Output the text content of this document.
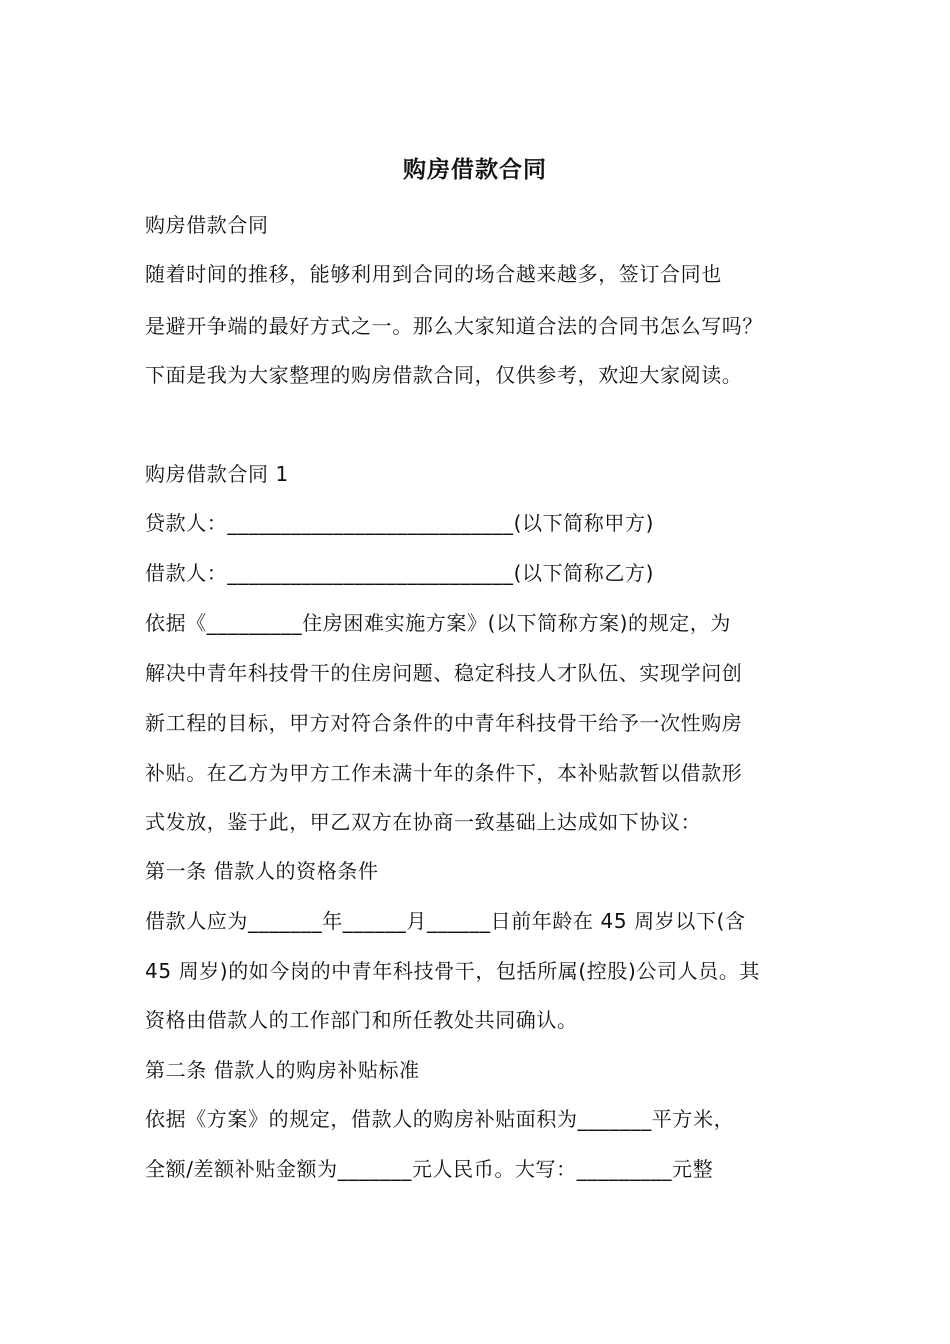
购房借款合同
购房借款合同
随着时间的推移，能够利用到合同的场合越来越多，签订合同也
是避开争端的最好方式之一。那么大家知道合法的合同书怎么写吗？
下面是我为大家整理的购房借款合同，仅供参考，欢迎大家阅读。
购房借款合同 1
贷款人：___________________________(以下简称甲方)
借款人：___________________________(以下简称乙方)
依据《_________住房困难实施方案》(以下简称方案)的规定，为
解决中青年科技骨干的住房问题、稳定科技人才队伍、实现学问创
新工程的目标，甲方对符合条件的中青年科技骨干给予一次性购房
补贴。在乙方为甲方工作未满十年的条件下，本补贴款暂以借款形
式发放，鉴于此，甲乙双方在协商一致基础上达成如下协议：
第一条 借款人的资格条件
借款人应为_______年______月______日前年龄在 45 周岁以下(含
45 周岁)的如今岗的中青年科技骨干，包括所属(控股)公司人员。其
资格由借款人的工作部门和所任教处共同确认。
第二条 借款人的购房补贴标准
依据《方案》的规定，借款人的购房补贴面积为_______平方米，
全额/差额补贴金额为_______元人民币。大写：_________元整
